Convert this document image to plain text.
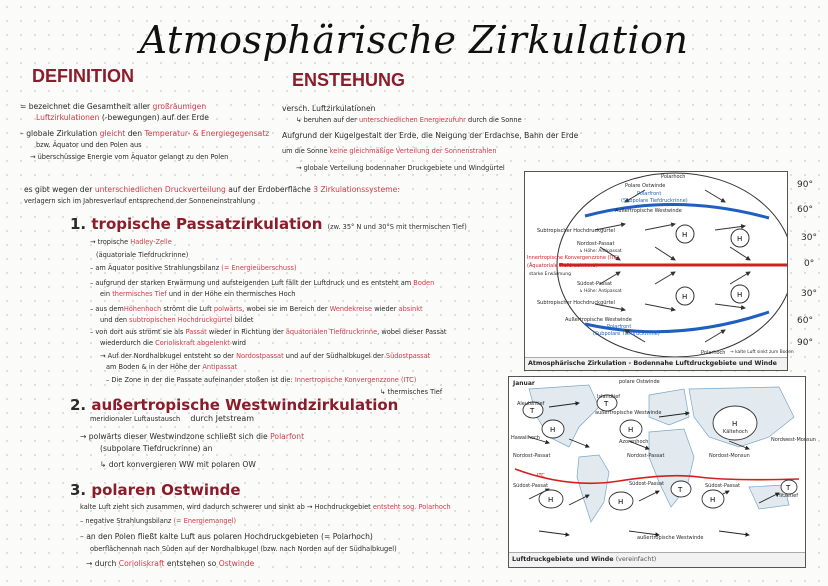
Atmosphärische Zirkulation
DEFINITION	ENSTEHUNG
= bezeichnet die Gesamtheit aller großräumigen
Luftzirkulationen (-bewegungen) auf der Erde
– globale Zirkulation gleicht den Temperatur- & Energiegegensatz
bzw. Äquator und den Polen aus
→ überschüssige Energie vom Äquator gelangt zu den Polen
versch. Luftzirkulationen
↳ beruhen auf der unterschiedlichen Energiezufuhr durch die Sonne
Aufgrund der Kugelgestalt der Erde, die Neigung der Erdachse, Bahn der Erde
um die Sonne keine gleichmäßige Verteilung der Sonnenstrahlen
→ globale Verteilung bodennaher Druckgebiete und Windgürtel
es gibt wegen der unterschiedlichen Druckverteilung auf der Erdoberfläche 3 Zirkulationssysteme:
verlagern sich im Jahresverlauf entsprechend der Sonneneinstrahlung
1. tropische Passatzirkulation (zw. 35° N und 30°S mit thermischen Tief)
→ tropische Hadley-Zelle
(äquatoriale Tiefdruckrinne)
– am Äquator positive Strahlungsbilanz (= Energieüberschuss)
– aufgrund der starken Erwärmung und aufsteigenden Luft fällt der Luftdruck und es entsteht am Boden
ein thermisches Tief und in der Höhe ein thermisches Hoch
– aus demHöhenhoch strömt die Luft polwärts, wobei sie im Bereich der Wendekreise wieder absinkt
und den subtropischen Hochdruckgürtel bildet
– von dort aus strömt sie als Passat wieder in Richtung der äquatorialen Tiefdruckrinne, wobei dieser Passat
wiederdurch die Corioliskraft abgelenkt wird
→ Auf der Nordhalbkugel entsteht so der Nordostpassat und auf der Südhalbkugel der Südostpassat
am Boden & in der Höhe der Antipassat
– Die Zone in der die Passate aufeinander stoßen ist die: Innertropische Konvergenzzone (ITC)
↳ thermisches Tief
2. außertropische Westwindzirkulation
meridionaler Luftaustausch durch Jetstream
→ polwärts dieser Westwindzone schließt sich die Polarfont
(subpolare Tiefdruckrinne) an
↳ dort konvergieren WW mit polaren OW
3. polaren Ostwinde
kalte Luft zieht sich zusammen, wird dadurch schwerer und sinkt ab → Hochdruckgebiet entsteht sog. Polarhoch
– negative Strahlungsbilanz (= Energiemangel)
– an den Polen fließt kalte Luft aus polaren Hochdruckgebieten (= Polarhoch)
oberflächennah nach Süden auf der Nordhalbkugel (bzw. nach Norden auf der Südhalbkugel)
→ durch Corioliskraft entstehen so Ostwinde
H	H
H	H
Polarhoch
Polare Ostwinde
Polarfront
(Subpolare Tiefdruckrinne)
Außertropische Westwinde
Subtropischer Hochdruckgürtel
Nordost-Passat
↳ Höhe: Antipassat
Innertropische Konvergenzzone (ITC)
(Äquatoriale Tiefdruckrinne)
starke Erwärmung
Südost-Passat
↳ Höhe: Antipassat
Subtropischer Hochdruckgürtel
Außertropische Westwinde
Polarfront
(Subpolare Tiefdruckrinne)
Polarhoch → kalte Luft sinkt zum Boden
Atmosphärische Zirkulation - Bodennahe Luftdruckgebiete und Winde
90°
60°
30°
0°
30°
60°
90°
T
T
H	H
H
H	H
T
H
T
Januar	polare Ostwinde
Aleutentief
Islandtief
außertropische Westwinde
Hawaiihoch
Azorenhoch
Kältehoch
Nordwest-Monsun
Nordost-Passat	Nordost-Passat	Nordost-Monsun
ITC
Südost-Passat	Südost-Passat	Südost-Passat
Hitzetief
außertropische Westwinde
Luftdruckgebiete und Winde (vereinfacht)
